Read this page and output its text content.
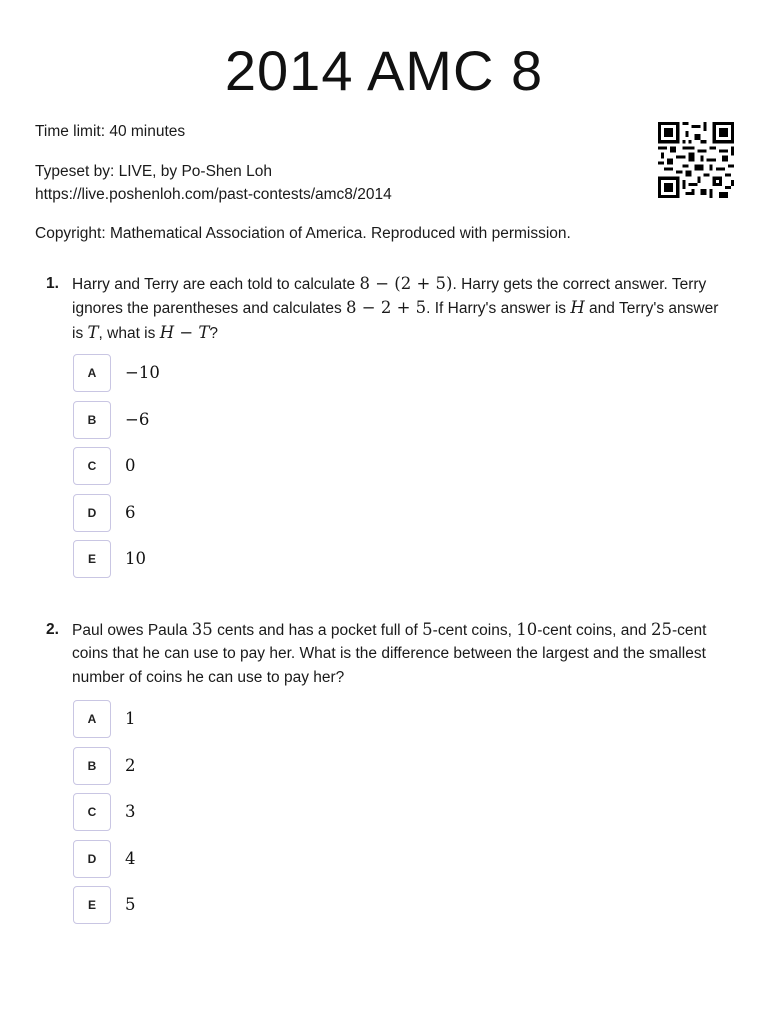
2014 AMC 8
Time limit: 40 minutes
Typeset by: LIVE, by Po-Shen Loh
https://live.poshenloh.com/past-contests/amc8/2014
Copyright: Mathematical Association of America. Reproduced with permission.
1. Harry and Terry are each told to calculate 8 − (2 + 5). Harry gets the correct answer. Terry ignores the parentheses and calculates 8 − 2 + 5. If Harry's answer is H and Terry's answer is T, what is H − T?
A	−10
B	−6
C	0
D	6
E	10
2. Paul owes Paula 35 cents and has a pocket full of 5-cent coins, 10-cent coins, and 25-cent coins that he can use to pay her. What is the difference between the largest and the smallest number of coins he can use to pay her?
A	1
B	2
C	3
D	4
E	5
